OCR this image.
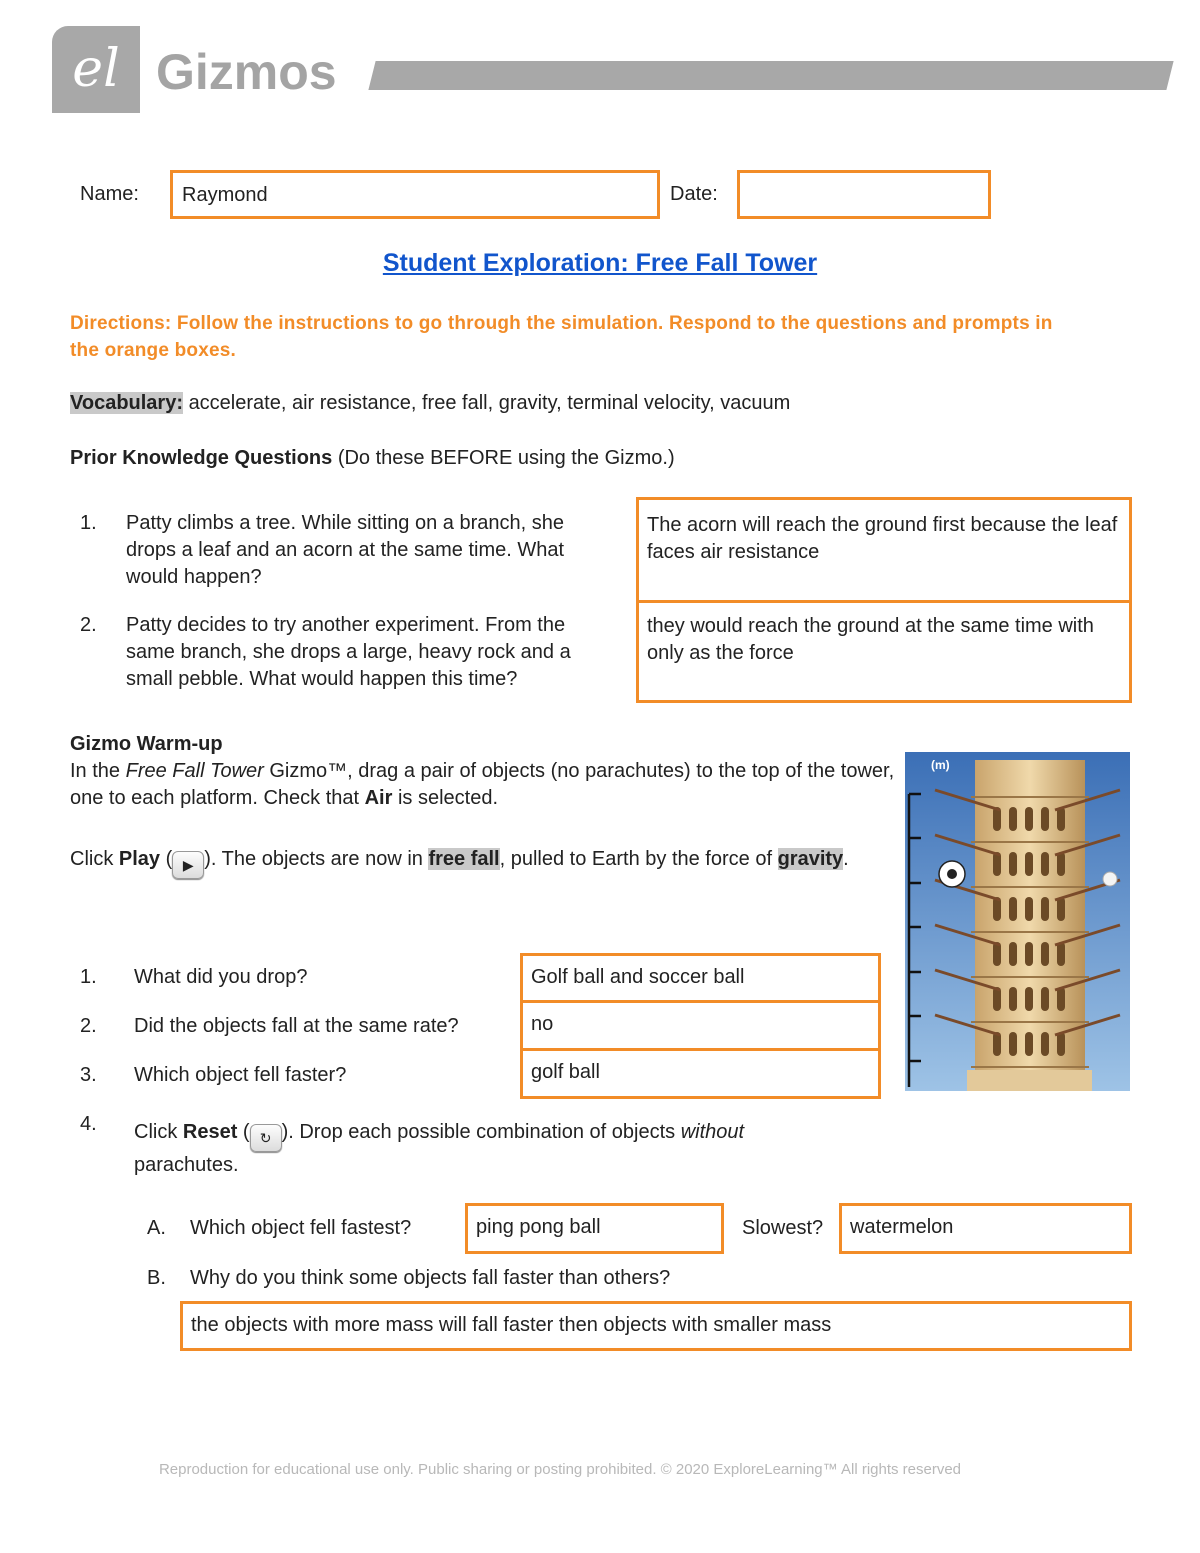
el Gizmos
Name:	Raymond	Date:
Student Exploration: Free Fall Tower
Directions: Follow the instructions to go through the simulation. Respond to the questions and prompts in the orange boxes.
Vocabulary: accelerate, air resistance, free fall, gravity, terminal velocity, vacuum
Prior Knowledge Questions (Do these BEFORE using the Gizmo.)
1. Patty climbs a tree. While sitting on a branch, she drops a leaf and an acorn at the same time. What would happen?
The acorn will reach the ground first because the leaf faces air resistance
2. Patty decides to try another experiment. From the same branch, she drops a large, heavy rock and a small pebble. What would happen this time?
they would reach the ground at the same time with only as the force
Gizmo Warm-up
In the Free Fall Tower Gizmo™, drag a pair of objects (no parachutes) to the top of the tower, one to each platform. Check that Air is selected.
Click Play ( ▶ ). The objects are now in free fall, pulled to Earth by the force of gravity.
(m)
1. What did you drop?	Golf ball and soccer ball
2. Did the objects fall at the same rate?	no
3. Which object fell faster?	golf ball
4. Click Reset ( ↻ ). Drop each possible combination of objects without parachutes.
A. Which object fell fastest?	ping pong ball	Slowest?	watermelon
B. Why do you think some objects fall faster than others?
the objects with more mass will fall faster then objects with smaller mass
Reproduction for educational use only. Public sharing or posting prohibited. © 2020 ExploreLearning™ All rights reserved
